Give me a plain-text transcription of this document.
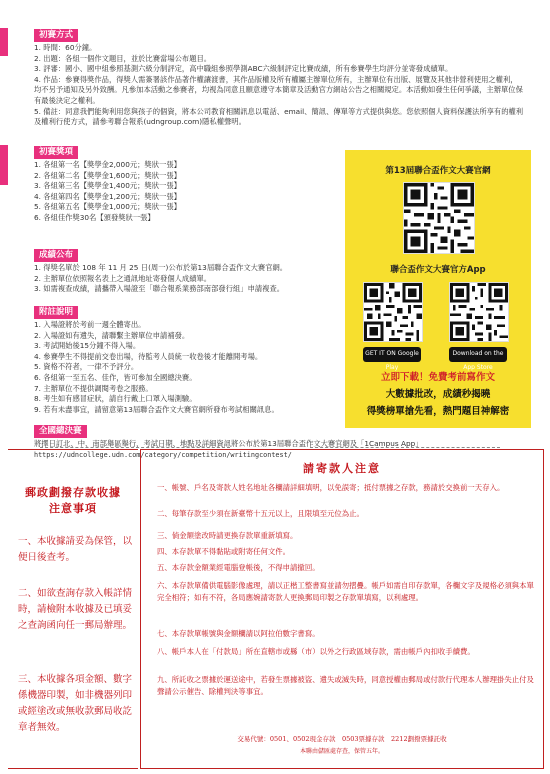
初賽方式
1. 時間：60分鐘。
2. 出題：各組一個作文題目，並於比賽當場公布題目。
3. 評審：國小、國中組參照基測六級分制評定，高中職組參照學測ABC六級制評定比賽成績，所有參賽學生均評分並寄發成績單。
4. 作品：參賽得獎作品，得獎人需簽署該作品著作權讓渡書，其作品版權及所有權屬主辦單位所有，主辦單位有出版、展覽及其他非營利使用之權利，均不另予通知及另外致酬。凡參加本活動之參賽者，均視為同意且願意遵守本簡章及活動官方網站公告之相關規定。本活動如發生任何爭議，主辦單位保有最後決定之權利。
5. 備註：同意我們能夠利用您與孩子的個資，將本公司教育相關訊息以電話、email、簡訊、傳單等方式提供與您。您依照個人資料保護法所享有的權利及權利行使方式，請參考聯合報系(udngroup.com)隱私權聲明。
初賽獎項
1. 各組第一名【獎學金2,000元；獎狀一張】
2. 各組第二名【獎學金1,600元；獎狀一張】
3. 各組第三名【獎學金1,400元；獎狀一張】
4. 各組第四名【獎學金1,200元；獎狀一張】
5. 各組第五名【獎學金1,000元；獎狀一張】
6. 各組佳作獎30名【頒發獎狀一張】
成績公布
1. 得獎名單於 108 年 11 月 25 日(周一)公布於第13屆聯合盃作文大賽官網。
2. 主辦單位依照報名表上之通訊地址寄發個人成績單。
3. 如需複查成績，請攜帶入場證至「聯合報系業務部南部發行組」申請複查。
附註說明
1. 入場證將於考前一週全體寄出。
2. 入場證如有遺失，請聯繫主辦單位申請補發。
3. 考試開始後15分鐘不得入場。
4. 參賽學生不得提前交卷出場，待監考人員統一收卷後才能離開考場。
5. 資格不符者，一律不予評分。
6. 各組第一至五名、佳作，皆可參加全國總決賽。
7. 主辦單位不提供調閱考卷之服務。
8. 考生如有感冒症狀，請自行戴上口罩入場測驗。
9. 若有未盡事宜，請留意第13屆聯合盃作文大賽官網所發布考試相關訊息。
全國總決賽
將擇日訂北、中、南部舉區舉行，考試日期、地點及詳細資訊將公布於第13屆聯合盃作文大賽官網及「1Campus App」
https://udncollege.udn.com/category/competition/writingcontest/
第13屆聯合盃作文大賽官網
聯合盃作文大賽官方App
GET IT ON Google Play
Download on the App Store
立即下載！免費考前寫作文
大數據批改，成績秒揭曉
得獎榜單搶先看，熱門題目神解密
郵政劃撥存款收據
注意事項
一、本收據請妥為保管，以便日後查考。
二、如欲查詢存款入帳詳情時，請檢附本收據及已填妥之查詢函向任一郵局辦理。
三、本收據各項金額、數字係機器印製，如非機器列印或經塗改或無收款郵局收訖章者無效。
請寄款人注意
一、帳號、戶名及寄款人姓名地址各欄請詳細填明，以免誤寄；抵付票據之存款，務請於交換前一天存入。
二、每筆存款至少須在新臺幣十五元以上，且限填至元位為止。
三、倘金額塗改時請更換存款單重新填寫。
四、本存款單不得黏貼或附寄任何文件。
五、本存款金額業經電腦登帳後，不得申請撤回。
六、本存款單備供電腦影像處理，請以正楷工整書寫並請勿摺疊。帳戶如需自印存款單，各欄文字及規格必須與本單完全相符；如有不符，各局應婉請寄款人更換郵局印製之存款單填寫，以利處理。
七、本存款單帳號與金額欄請以阿拉伯數字書寫。
八、帳戶本人在「付款局」所在直轄市或縣（市）以外之行政區域存款，需由帳戶內扣收手續費。
九、所託收之票據於運送途中，若發生票據被盜、遺失或滅失時，同意授權由郵局或付款行代理本人辦理掛失止付及聲請公示催告、除權判決等事宜。
交易代號：0501、0502現金存款　0503票據存款　2212劃撥票據託收
本聯由儲匯處存查，保管五年。
